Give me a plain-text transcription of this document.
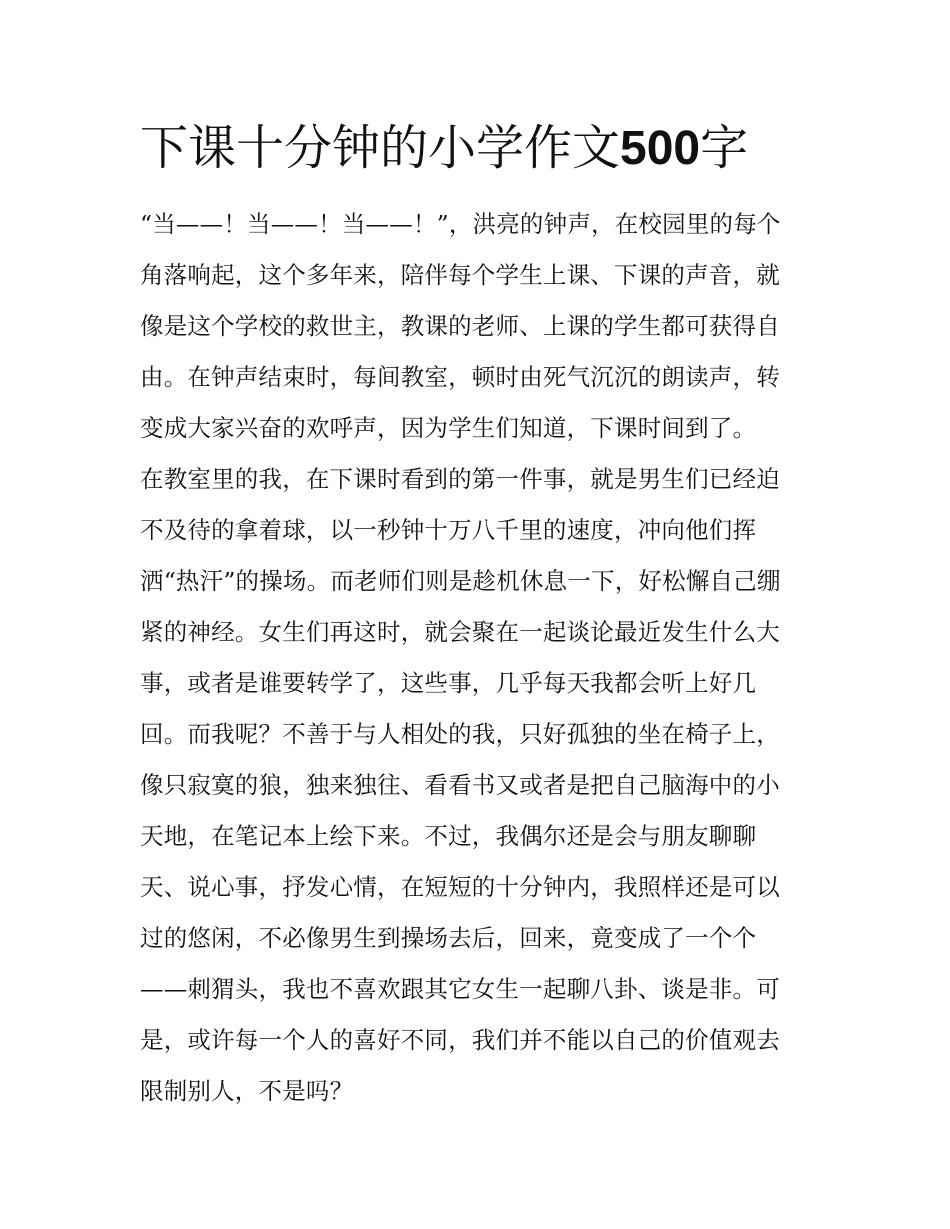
下课十分钟的小学作文500字
“当——！当——！当——！”，洪亮的钟声，在校园里的每个
角落响起，这个多年来，陪伴每个学生上课、下课的声音，就
像是这个学校的救世主，教课的老师、上课的学生都可获得自
由。在钟声结束时，每间教室，顿时由死气沉沉的朗读声，转
变成大家兴奋的欢呼声，因为学生们知道，下课时间到了。
在教室里的我，在下课时看到的第一件事，就是男生们已经迫
不及待的拿着球，以一秒钟十万八千里的速度，冲向他们挥
洒“热汗”的操场。而老师们则是趁机休息一下，好松懈自己绷
紧的神经。女生们再这时，就会聚在一起谈论最近发生什么大
事，或者是谁要转学了，这些事，几乎每天我都会听上好几
回。而我呢？不善于与人相处的我，只好孤独的坐在椅子上，
像只寂寞的狼，独来独往、看看书又或者是把自己脑海中的小
天地，在笔记本上绘下来。不过，我偶尔还是会与朋友聊聊
天、说心事，抒发心情，在短短的十分钟内，我照样还是可以
过的悠闲，不必像男生到操场去后，回来，竟变成了一个个
——刺猬头，我也不喜欢跟其它女生一起聊八卦、谈是非。可
是，或许每一个人的喜好不同，我们并不能以自己的价值观去
限制别人，不是吗？
